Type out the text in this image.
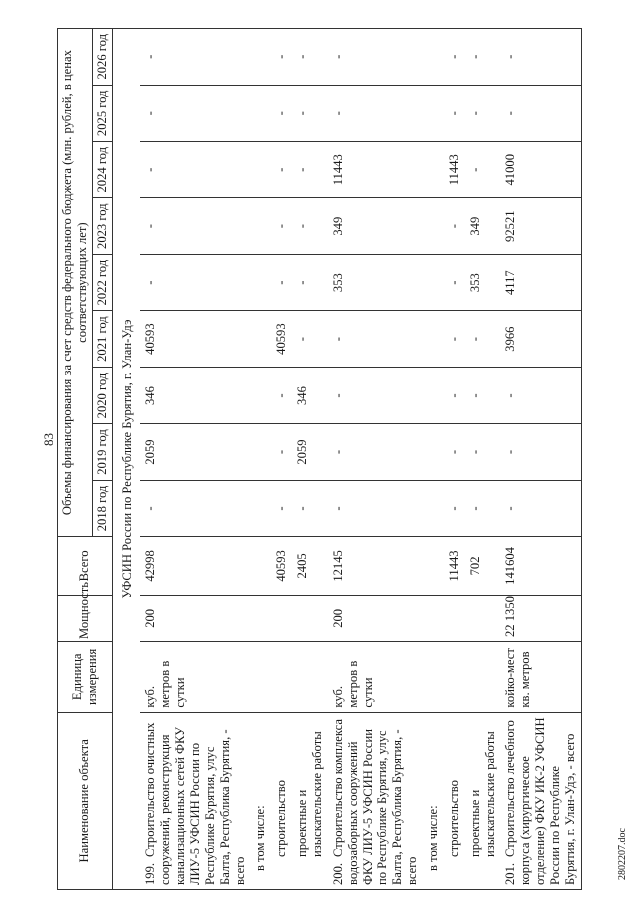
83
2802207.doc
Наименование объекта	Единица измерения	Мощность	Всего	Объемы финансирования за счет средств федерального бюджета (млн. рублей, в ценах соответствующих лет)								
				2018 год	2019 год	2020 год	2021 год	2022 год	2023 год	2024 год	2025 год	2026 год
УФСИН России по Республике Бурятия, г. Улан-Удэ												
199.Строительство очистных сооружений, реконструкция канализационных сетей ФКУ ЛИУ-5 УФСИН России по Республике Бурятия, улус Балта, Республика Бурятия, - всего	куб. метров в сутки	200	42998	-	2059	346	40593	-	-	-	-	-
в том числе:												
строительство			40593	-	-	-	40593	-	-	-	-	-
проектные и изыскательские работы			2405	-	2059	346	-	-	-	-	-	-
200.Строительство комплекса водозаборных сооружений ФКУ ЛИУ-5 УФСИН России по Республике Бурятия, улус Балта, Республика Бурятия, - всего	куб. метров в сутки	200	12145	-	-	-	-	353	349	11443	-	-
в том числе:												
строительство			11443	-	-	-	-	-	-	11443	-	-
проектные и изыскательские работы			702	-	-	-	-	353	349	-	-	-
201.Строительство лечебного корпуса (хирургическое отделение) ФКУ ИК-2 УФСИН России по Республике Бурятия, г. Улан-Удэ, - всего	койко-мест кв. метров	22 1350	141604	-	-	-	3966	4117	92521	41000	-	-
